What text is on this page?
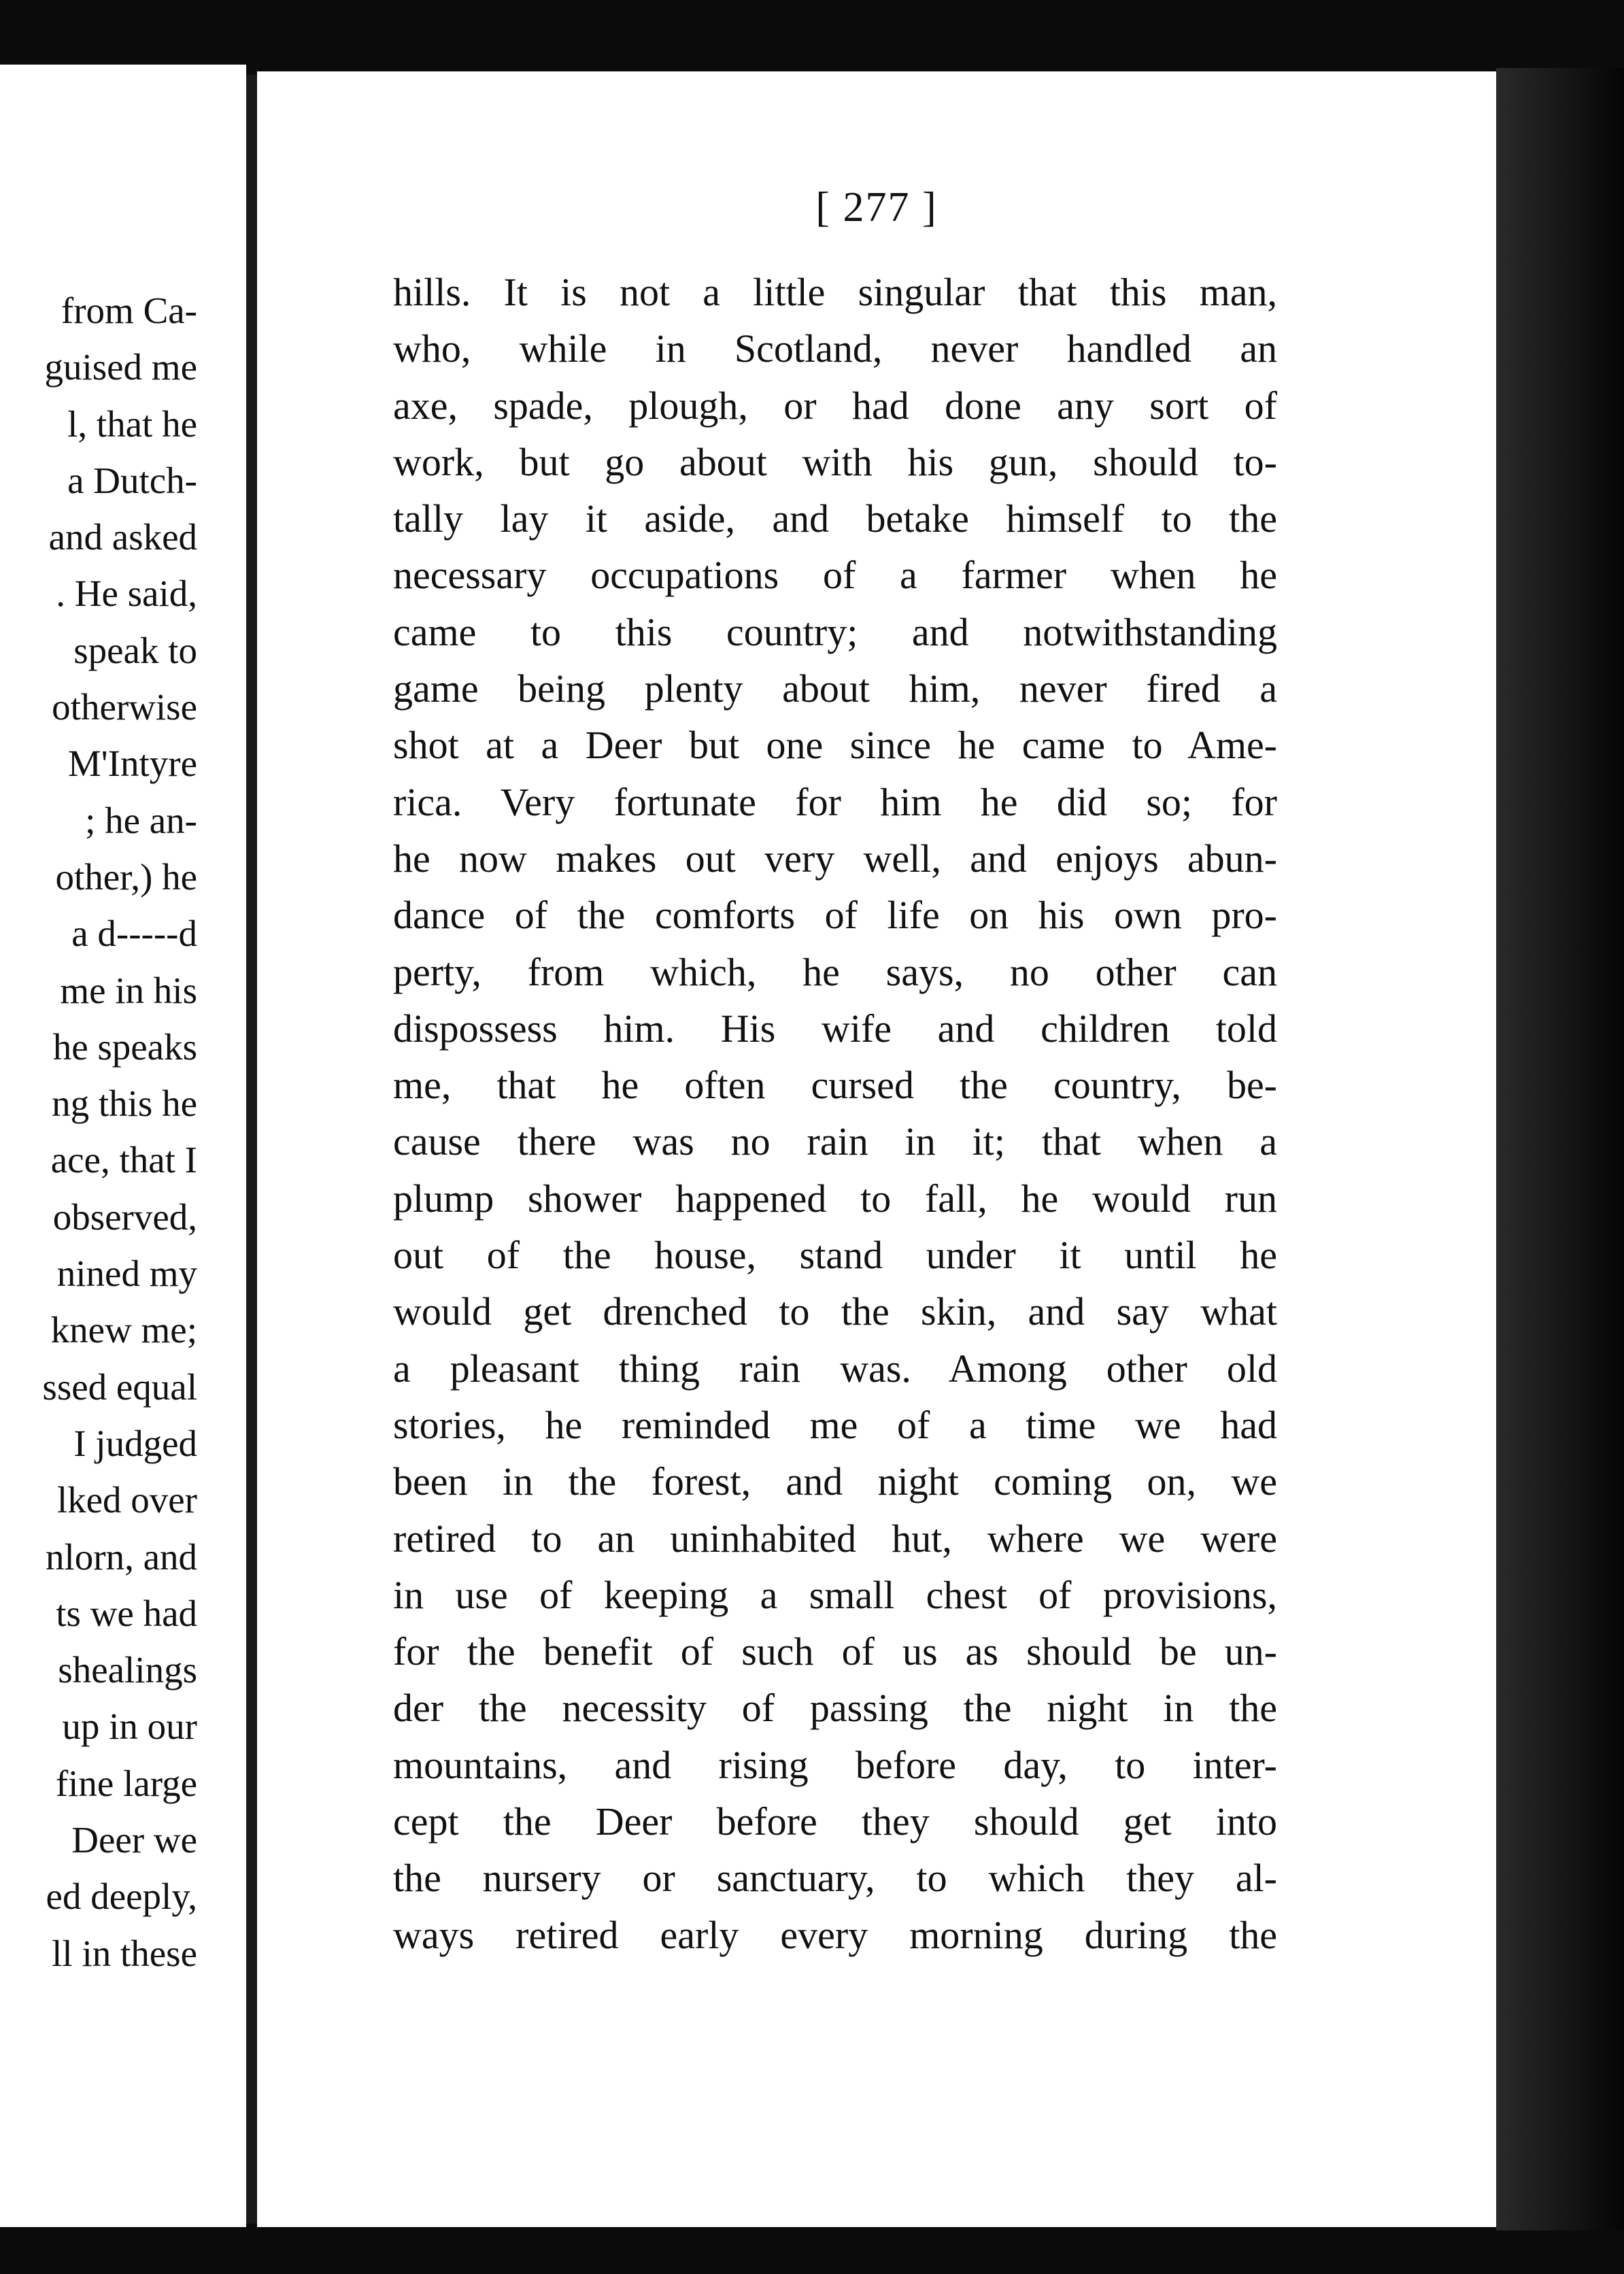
from Ca-
guised me
l, that he
a Dutch-
and asked
. He said,
speak to
otherwise
M'Intyre
; he an-
other,) he
a d-----d
me in his
he speaks
ng this he
ace, that I
observed,
nined my
knew me;
ssed equal
I judged
lked over
nlorn, and
ts we had
shealings
up in our
fine large
Deer we
ed deeply,
ll in these
[ 277 ]
hills. It is not a little singular that this man,
who, while in Scotland, never handled an
axe, spade, plough, or had done any sort of
work, but go about with his gun, should to-
tally lay it aside, and betake himself to the
necessary occupations of a farmer when he
came to this country; and notwithstanding
game being plenty about him, never fired a
shot at a Deer but one since he came to Ame-
rica. Very fortunate for him he did so; for
he now makes out very well, and enjoys abun-
dance of the comforts of life on his own pro-
perty, from which, he says, no other can
dispossess him. His wife and children told
me, that he often cursed the country, be-
cause there was no rain in it; that when a
plump shower happened to fall, he would run
out of the house, stand under it until he
would get drenched to the skin, and say what
a pleasant thing rain was. Among other old
stories, he reminded me of a time we had
been in the forest, and night coming on, we
retired to an uninhabited hut, where we were
in use of keeping a small chest of provisions,
for the benefit of such of us as should be un-
der the necessity of passing the night in the
mountains, and rising before day, to inter-
cept the Deer before they should get into
the nursery or sanctuary, to which they al-
ways retired early every morning during the
